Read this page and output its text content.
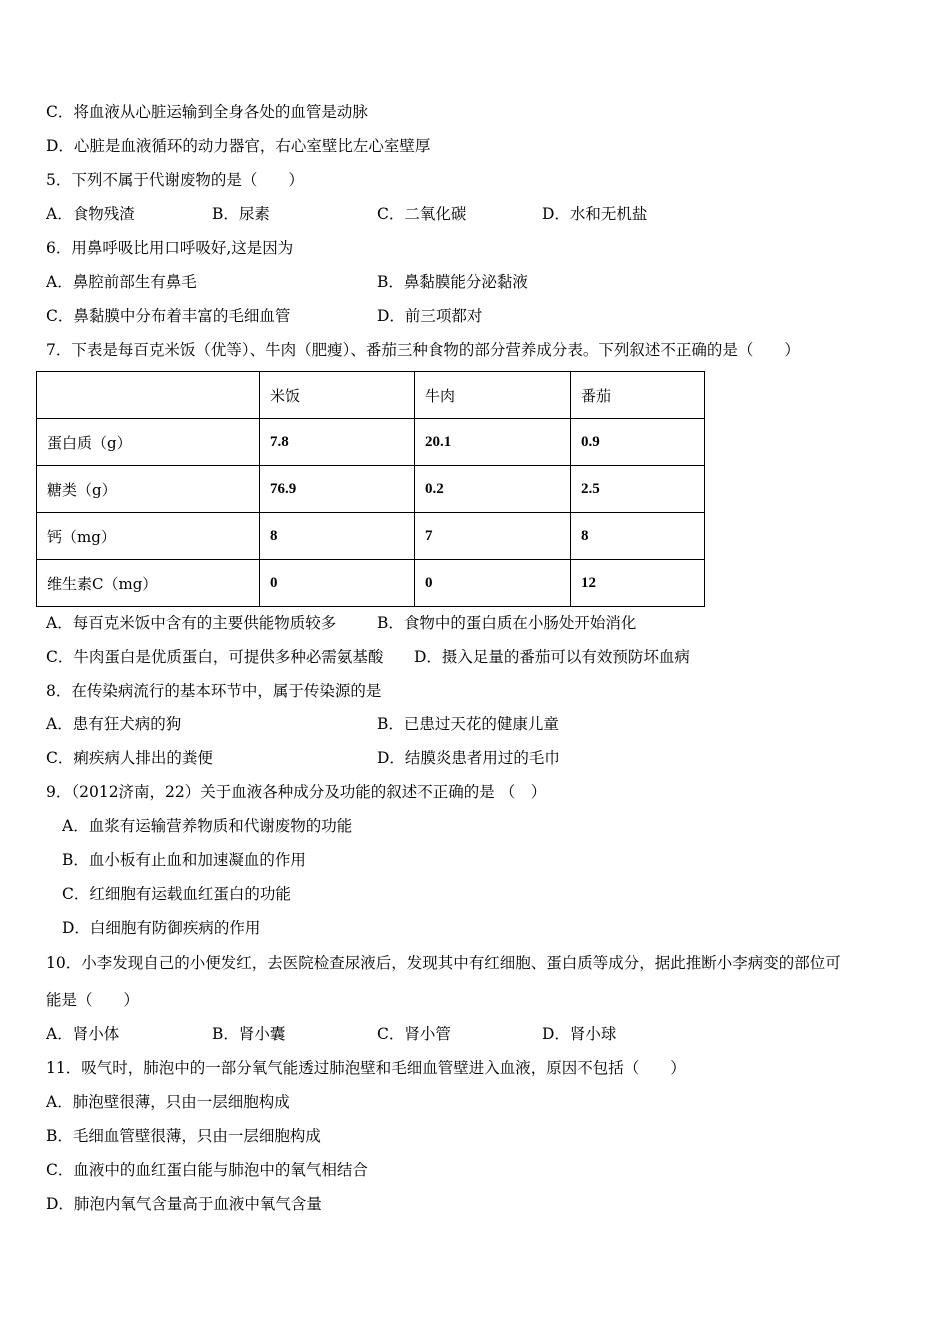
C．将血液从心脏运输到全身各处的血管是动脉
D．心脏是血液循环的动力器官，右心室壁比左心室壁厚
5．下列不属于代谢废物的是（　　）
A．食物残渣	B．尿素	C．二氧化碳	D．水和无机盐
6．用鼻呼吸比用口呼吸好,这是因为
A．鼻腔前部生有鼻毛	B．鼻黏膜能分泌黏液
C．鼻黏膜中分布着丰富的毛细血管	D．前三项都对
7．下表是每百克米饭（优等）、牛肉（肥瘦）、番茄三种食物的部分营养成分表。下列叙述不正确的是（　　）
	米饭	牛肉	番茄
蛋白质（g）	7.8	20.1	0.9
糖类（g）	76.9	0.2	2.5
钙（mg）	8	7	8
维生素C（mg）	0	0	12
A．每百克米饭中含有的主要供能物质较多	B．食物中的蛋白质在小肠处开始消化
C．牛肉蛋白是优质蛋白，可提供多种必需氨基酸 D．摄入足量的番茄可以有效预防坏血病
8．在传染病流行的基本环节中，属于传染源的是
A．患有狂犬病的狗	B．已患过天花的健康儿童
C．痢疾病人排出的粪便	D．结膜炎患者用过的毛巾
9．（2012济南，22）关于血液各种成分及功能的叙述不正确的是 （　）
A．血浆有运输营养物质和代谢废物的功能
B．血小板有止血和加速凝血的作用
C．红细胞有运载血红蛋白的功能
D．白细胞有防御疾病的作用
10．小李发现自己的小便发红，去医院检查尿液后，发现其中有红细胞、蛋白质等成分，据此推断小李病变的部位可
能是（　　）
A．肾小体	B．肾小囊	C．肾小管	D．肾小球
11．吸气时，肺泡中的一部分氧气能透过肺泡壁和毛细血管壁进入血液，原因不包括（　　）
A．肺泡壁很薄，只由一层细胞构成
B．毛细血管壁很薄，只由一层细胞构成
C．血液中的血红蛋白能与肺泡中的氧气相结合
D．肺泡内氧气含量高于血液中氧气含量
